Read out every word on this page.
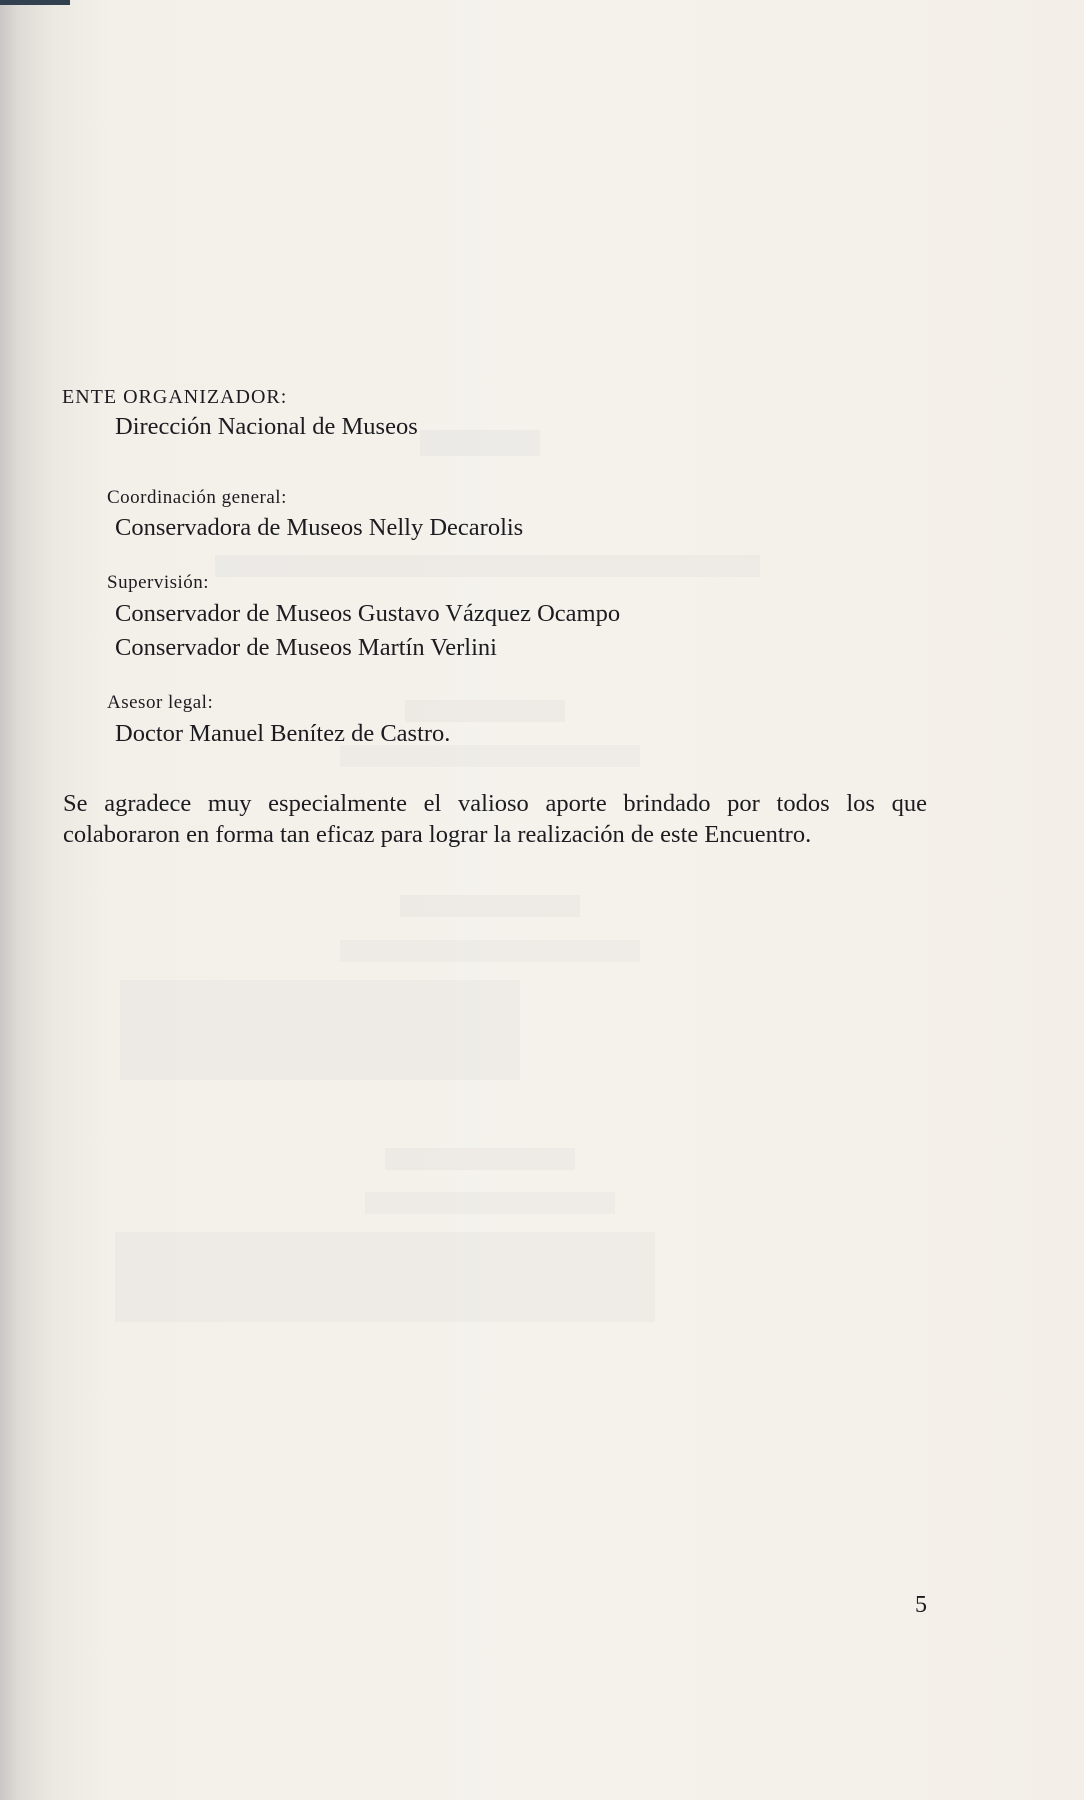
ENTE ORGANIZADOR:
Dirección Nacional de Museos
Coordinación general:
Conservadora de Museos Nelly Decarolis
Supervisión:
Conservador de Museos Gustavo Vázquez Ocampo
Conservador de Museos Martín Verlini
Asesor legal:
Doctor Manuel Benítez de Castro.
Se agradece muy especialmente el valioso aporte brindado por todos los que colaboraron en forma tan eficaz para lograr la realización de este Encuentro.
5
